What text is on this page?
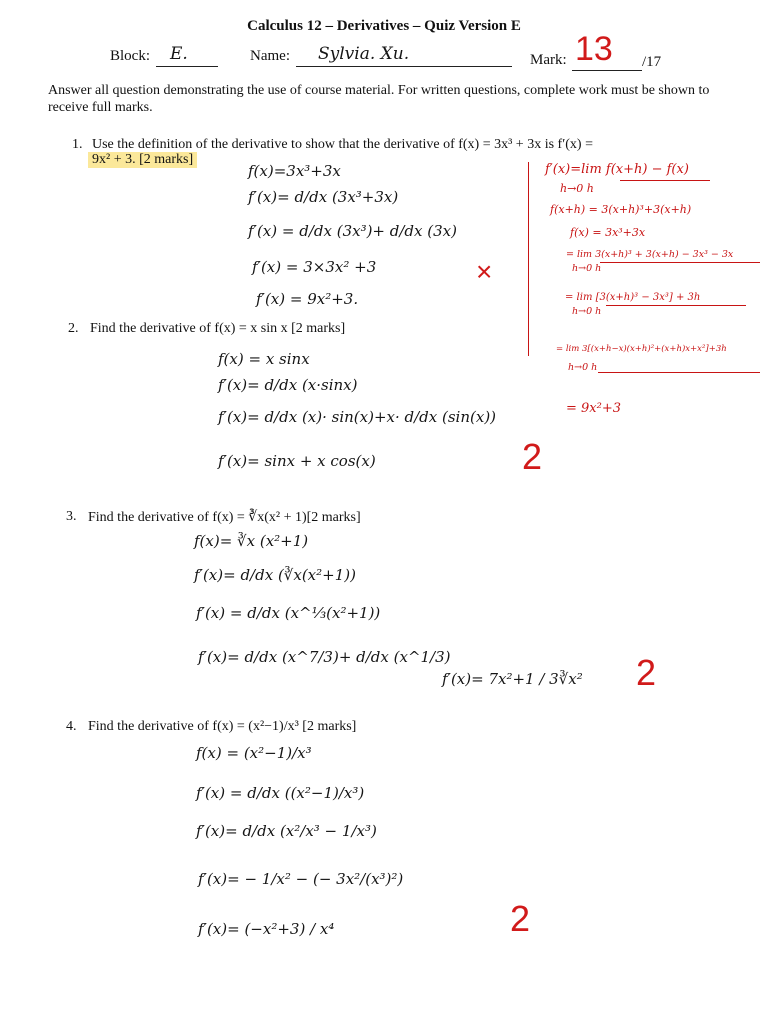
Calculus 12 – Derivatives – Quiz Version E
Block: E.	Name: Sylvia. Xu.	Mark: 13 /17
Answer all question demonstrating the use of course material. For written questions, complete work must be shown to receive full marks.
1. Use the definition of the derivative to show that the derivative of f(x) = 3x³ + 3x is f′(x) =
9x² + 3. [2 marks]
f(x)=3x³+3x
f′(x)= d/dx (3x³+3x)
f′(x) = d/dx (3x³)+ d/dx (3x)
f′(x) = 3×3x² +3
f′(x) = 9x²+3.
×
f′(x)=lim f(x+h) − f(x)
h→0 h
f(x+h) = 3(x+h)³+3(x+h)
f(x) = 3x³+3x
= lim 3(x+h)³ + 3(x+h) − 3x³ − 3x
h→0 h
= lim [3(x+h)³ − 3x³] + 3h
h→0 h
= lim 3[(x+h−x)(x+h)²+(x+h)x+x²]+3h
h→0 h
= 9x²+3
2. Find the derivative of f(x) = x sin x [2 marks]
f(x) = x sinx
f′(x)= d/dx (x·sinx)
f′(x)= d/dx (x)· sin(x)+x· d/dx (sin(x))
f′(x)= sinx + x cos(x)	2
3. Find the derivative of f(x) = ∛x(x² + 1)[2 marks]
f(x)= ∛x (x²+1)
f′(x)= d/dx (∛x(x²+1))
f′(x) = d/dx (x^⅓(x²+1))
f′(x)= d/dx (x^7/3)+ d/dx (x^1/3)
f′(x)= 7x²+1 / 3∛x² 2
4. Find the derivative of f(x) = (x²−1)/x³ [2 marks]
f(x) = (x²−1)/x³
f′(x) = d/dx ((x²−1)/x³)
f′(x)= d/dx (x²/x³ − 1/x³)
f′(x)= − 1/x² − (− 3x²/(x³)²)
f′(x)= (−x²+3) / x⁴	2
